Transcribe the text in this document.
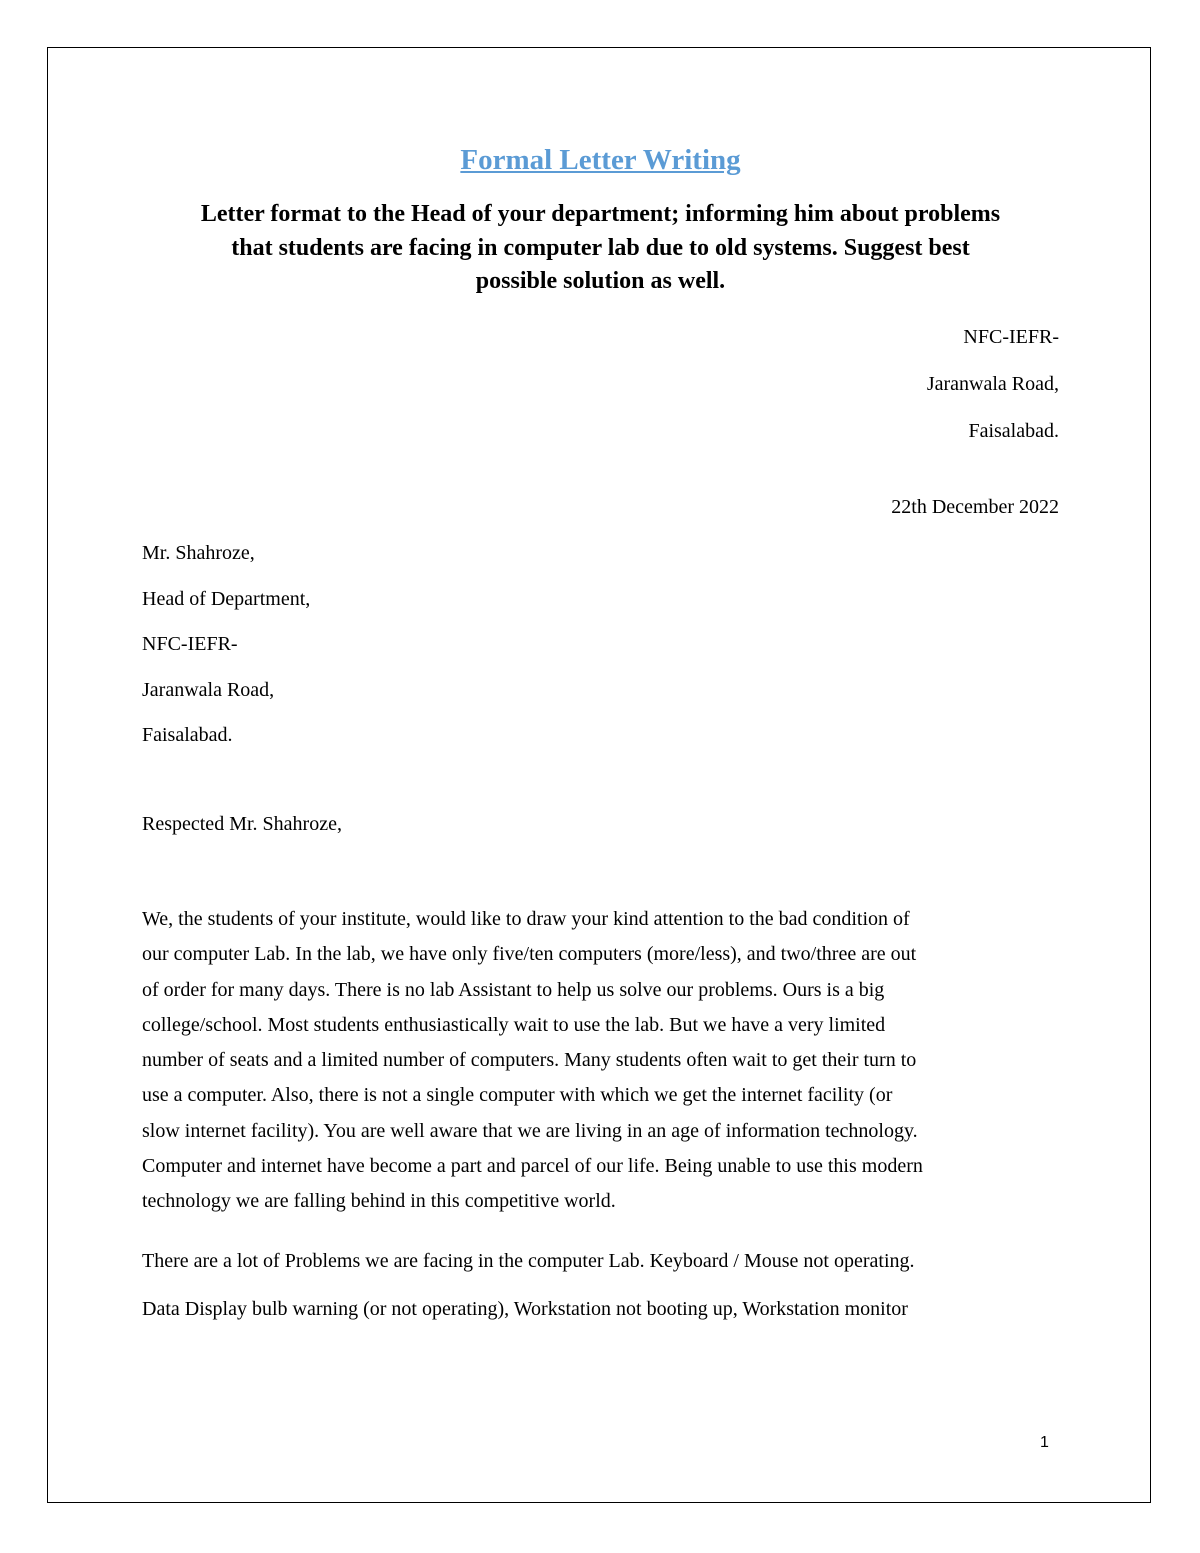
Formal Letter Writing
Letter format to the Head of your department; informing him about problems
that students are facing in computer lab due to old systems. Suggest best
possible solution as well.
NFC-IEFR-
Jaranwala Road,
Faisalabad.
22th December 2022
Mr. Shahroze,
Head of Department,
NFC-IEFR-
Jaranwala Road,
Faisalabad.
Respected Mr. Shahroze,

We, the students of your institute, would like to draw your kind attention to the bad condition of
our computer Lab. In the lab, we have only five/ten computers (more/less), and two/three are out
of order for many days. There is no lab Assistant to help us solve our problems. Ours is a big
college/school. Most students enthusiastically wait to use the lab. But we have a very limited
number of seats and a limited number of computers. Many students often wait to get their turn to
use a computer. Also, there is not a single computer with which we get the internet facility (or
slow internet facility). You are well aware that we are living in an age of information technology.
Computer and internet have become a part and parcel of our life. Being unable to use this modern
technology we are falling behind in this competitive world.

There are a lot of Problems we are facing in the computer Lab. Keyboard / Mouse not operating.

Data Display bulb warning (or not operating), Workstation not booting up, Workstation monitor

1
